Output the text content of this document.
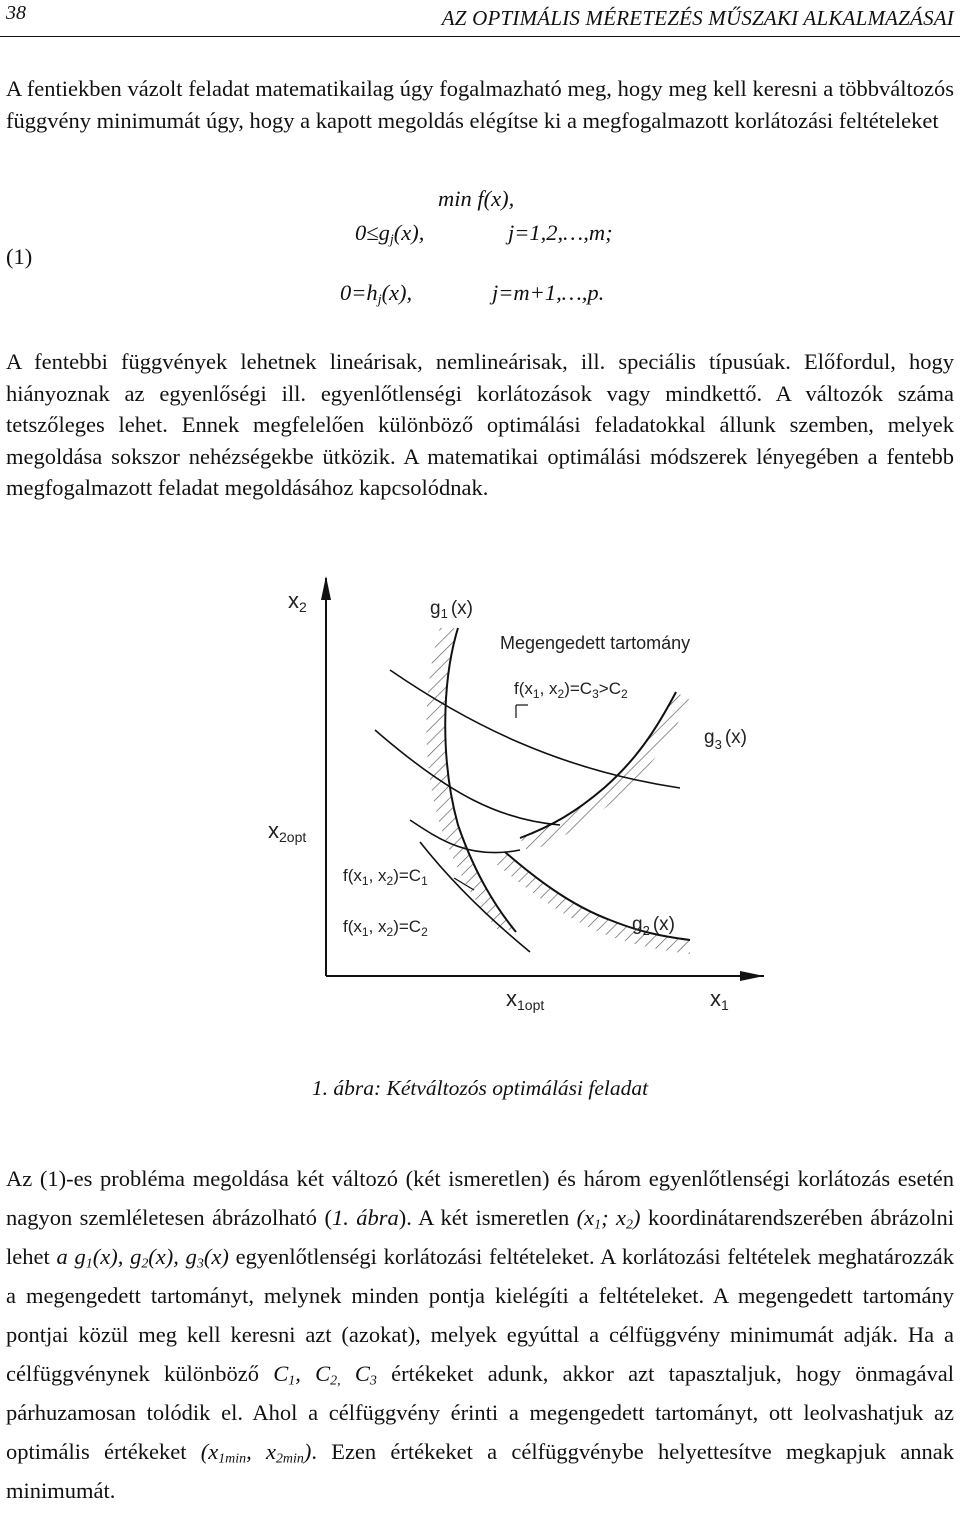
38	AZ OPTIMÁLIS MÉRETEZÉS MŰSZAKI ALKALMAZÁSAI

A fentiekben vázolt feladat matematikailag úgy fogalmazható meg, hogy meg kell keresni a többváltozós függvény minimumát úgy, hogy a kapott megoldás elégítse ki a megfogalmazott korlátozási feltételeket

(1)
min f(x),
$0\le g_j(x)$,	j=1,2,…,m;
$0=h_j(x)$,	j=m+1,…,p.

A fentebbi függvények lehetnek lineárisak, nemlineárisak, ill. speciális típusúak. Előfordul, hogy hiányoznak az egyenlőségi ill. egyenlőtlenségi korlátozások vagy mindkettő. A változók száma tetszőleges lehet. Ennek megfelelően különböző optimálási feladatokkal állunk szemben, melyek megoldása sokszor nehézségekbe ütközik. A matematikai optimálási módszerek lényegében a fentebb megfogalmazott feladat megoldásához kapcsolódnak.

x2
x1
x2opt
x1opt
$g_1$ (x)
Megengedett tartomány
$f(x_1$, $x_2)=C_3>C_2$
$g_3$ (x)
$f(x_1$, $x_2)=C_1$
$f(x_1$, $x_2)=C_2$	$g_2$ (x)
1. ábra: Kétváltozós optimálási feladat

Az (1)-es probléma megoldása két változó (két ismeretlen) és három egyenlőtlenségi korlátozás esetén nagyon szemléletesen ábrázolható (1. ábra). A két ismeretlen ($x_1$; $x_2$) koordinátarendszerében ábrázolni lehet a $g_1(x)$, $g_2(x)$, $g_3(x)$ egyenlőtlenségi korlátozási feltételeket. A korlátozási feltételek meghatározzák a megengedett tartományt, melynek minden pontja kielégíti a feltételeket. A megengedett tartomány pontjai közül meg kell keresni azt (azokat), melyek egyúttal a célfüggvény minimumát adják. Ha a célfüggvénynek különböző $C_1$, $C_{2,}$ $C_3$ értékeket adunk, akkor azt tapasztaljuk, hogy önmagával párhuzamosan tolódik el. Ahol a célfüggvény érinti a megengedett tartományt, ott leolvashatjuk az optimális értékeket ($x_{1min}$, $x_{2min}$). Ezen értékeket a célfüggvénybe helyettesítve megkapjuk annak minimumát.
